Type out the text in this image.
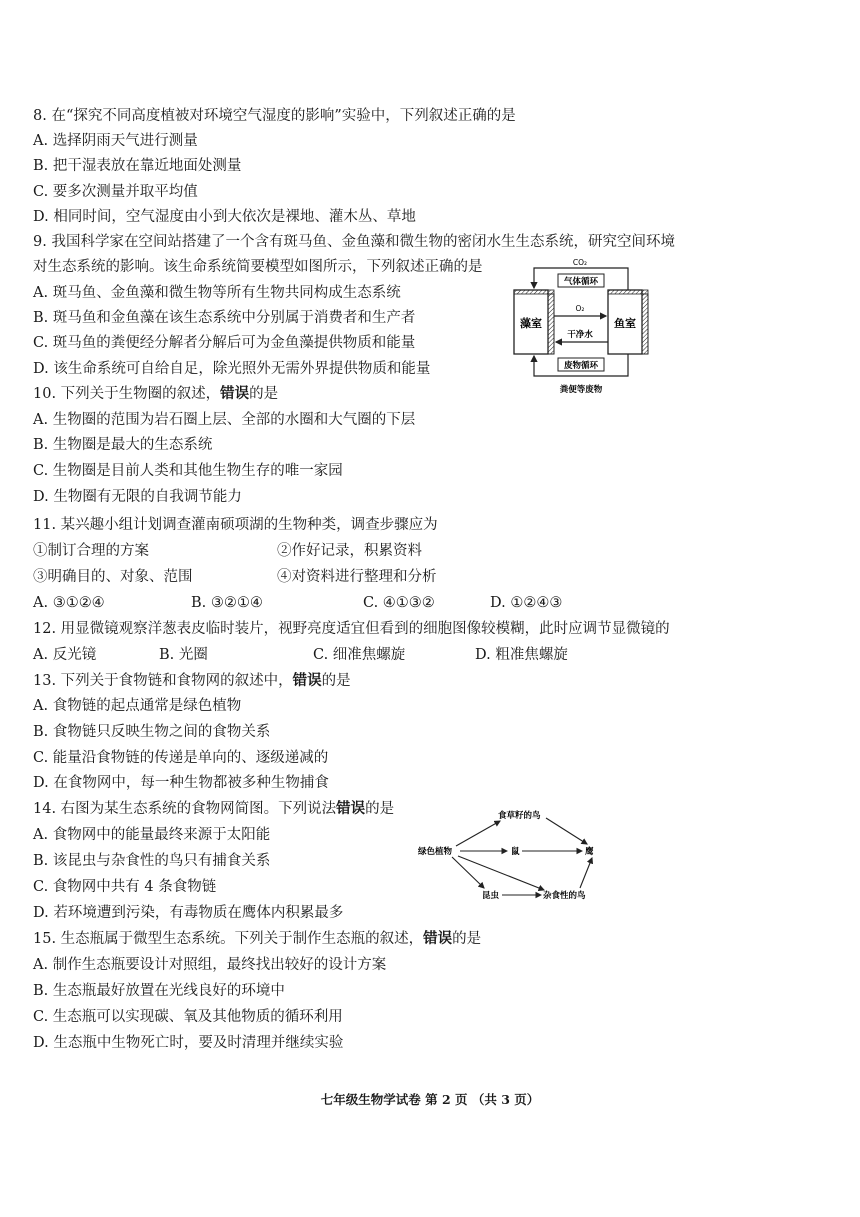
8. 在“探究不同高度植被对环境空气湿度的影响”实验中，下列叙述正确的是
A. 选择阴雨天气进行测量
B. 把干湿表放在靠近地面处测量
C. 要多次测量并取平均值
D. 相同时间，空气湿度由小到大依次是裸地、灌木丛、草地
9. 我国科学家在空间站搭建了一个含有斑马鱼、金鱼藻和微生物的密闭水生生态系统，研究空间环境
对生态系统的影响。该生命系统简要模型如图所示，下列叙述正确的是
A. 斑马鱼、金鱼藻和微生物等所有生物共同构成生态系统
B. 斑马鱼和金鱼藻在该生态系统中分别属于消费者和生产者
C. 斑马鱼的粪便经分解者分解后可为金鱼藻提供物质和能量
D. 该生命系统可自给自足，除光照外无需外界提供物质和能量
藻室	鱼室
CO₂
气体循环
O₂
干净水
废物循环
粪便等废物
10. 下列关于生物圈的叙述，错误的是
A. 生物圈的范围为岩石圈上层、全部的水圈和大气圈的下层
B. 生物圈是最大的生态系统
C. 生物圈是目前人类和其他生物生存的唯一家园
D. 生物圈有无限的自我调节能力
11. 某兴趣小组计划调查灌南硕项湖的生物种类，调查步骤应为
①制订合理的方案	②作好记录，积累资料
③明确目的、对象、范围	④对资料进行整理和分析
A. ③①②④	B. ③②①④	C. ④①③②	D. ①②④③
12. 用显微镜观察洋葱表皮临时装片，视野亮度适宜但看到的细胞图像较模糊，此时应调节显微镜的
A. 反光镜	B. 光圈	C. 细准焦螺旋	D. 粗准焦螺旋
13. 下列关于食物链和食物网的叙述中，错误的是
A. 食物链的起点通常是绿色植物
B. 食物链只反映生物之间的食物关系
C. 能量沿食物链的传递是单向的、逐级递减的
D. 在食物网中，每一种生物都被多种生物捕食
14. 右图为某生态系统的食物网简图。下列说法错误的是
A. 食物网中的能量最终来源于太阳能
B. 该昆虫与杂食性的鸟只有捕食关系
C. 食物网中共有 4 条食物链
D. 若环境遭到污染，有毒物质在鹰体内积累最多
绿色植物
食草籽的鸟
鼠	鹰
昆虫	杂食性的鸟
15. 生态瓶属于微型生态系统。下列关于制作生态瓶的叙述，错误的是
A. 制作生态瓶要设计对照组，最终找出较好的设计方案
B. 生态瓶最好放置在光线良好的环境中
C. 生态瓶可以实现碳、氧及其他物质的循环利用
D. 生态瓶中生物死亡时，要及时清理并继续实验
七年级生物学试卷 第 2 页 （共 3 页）
